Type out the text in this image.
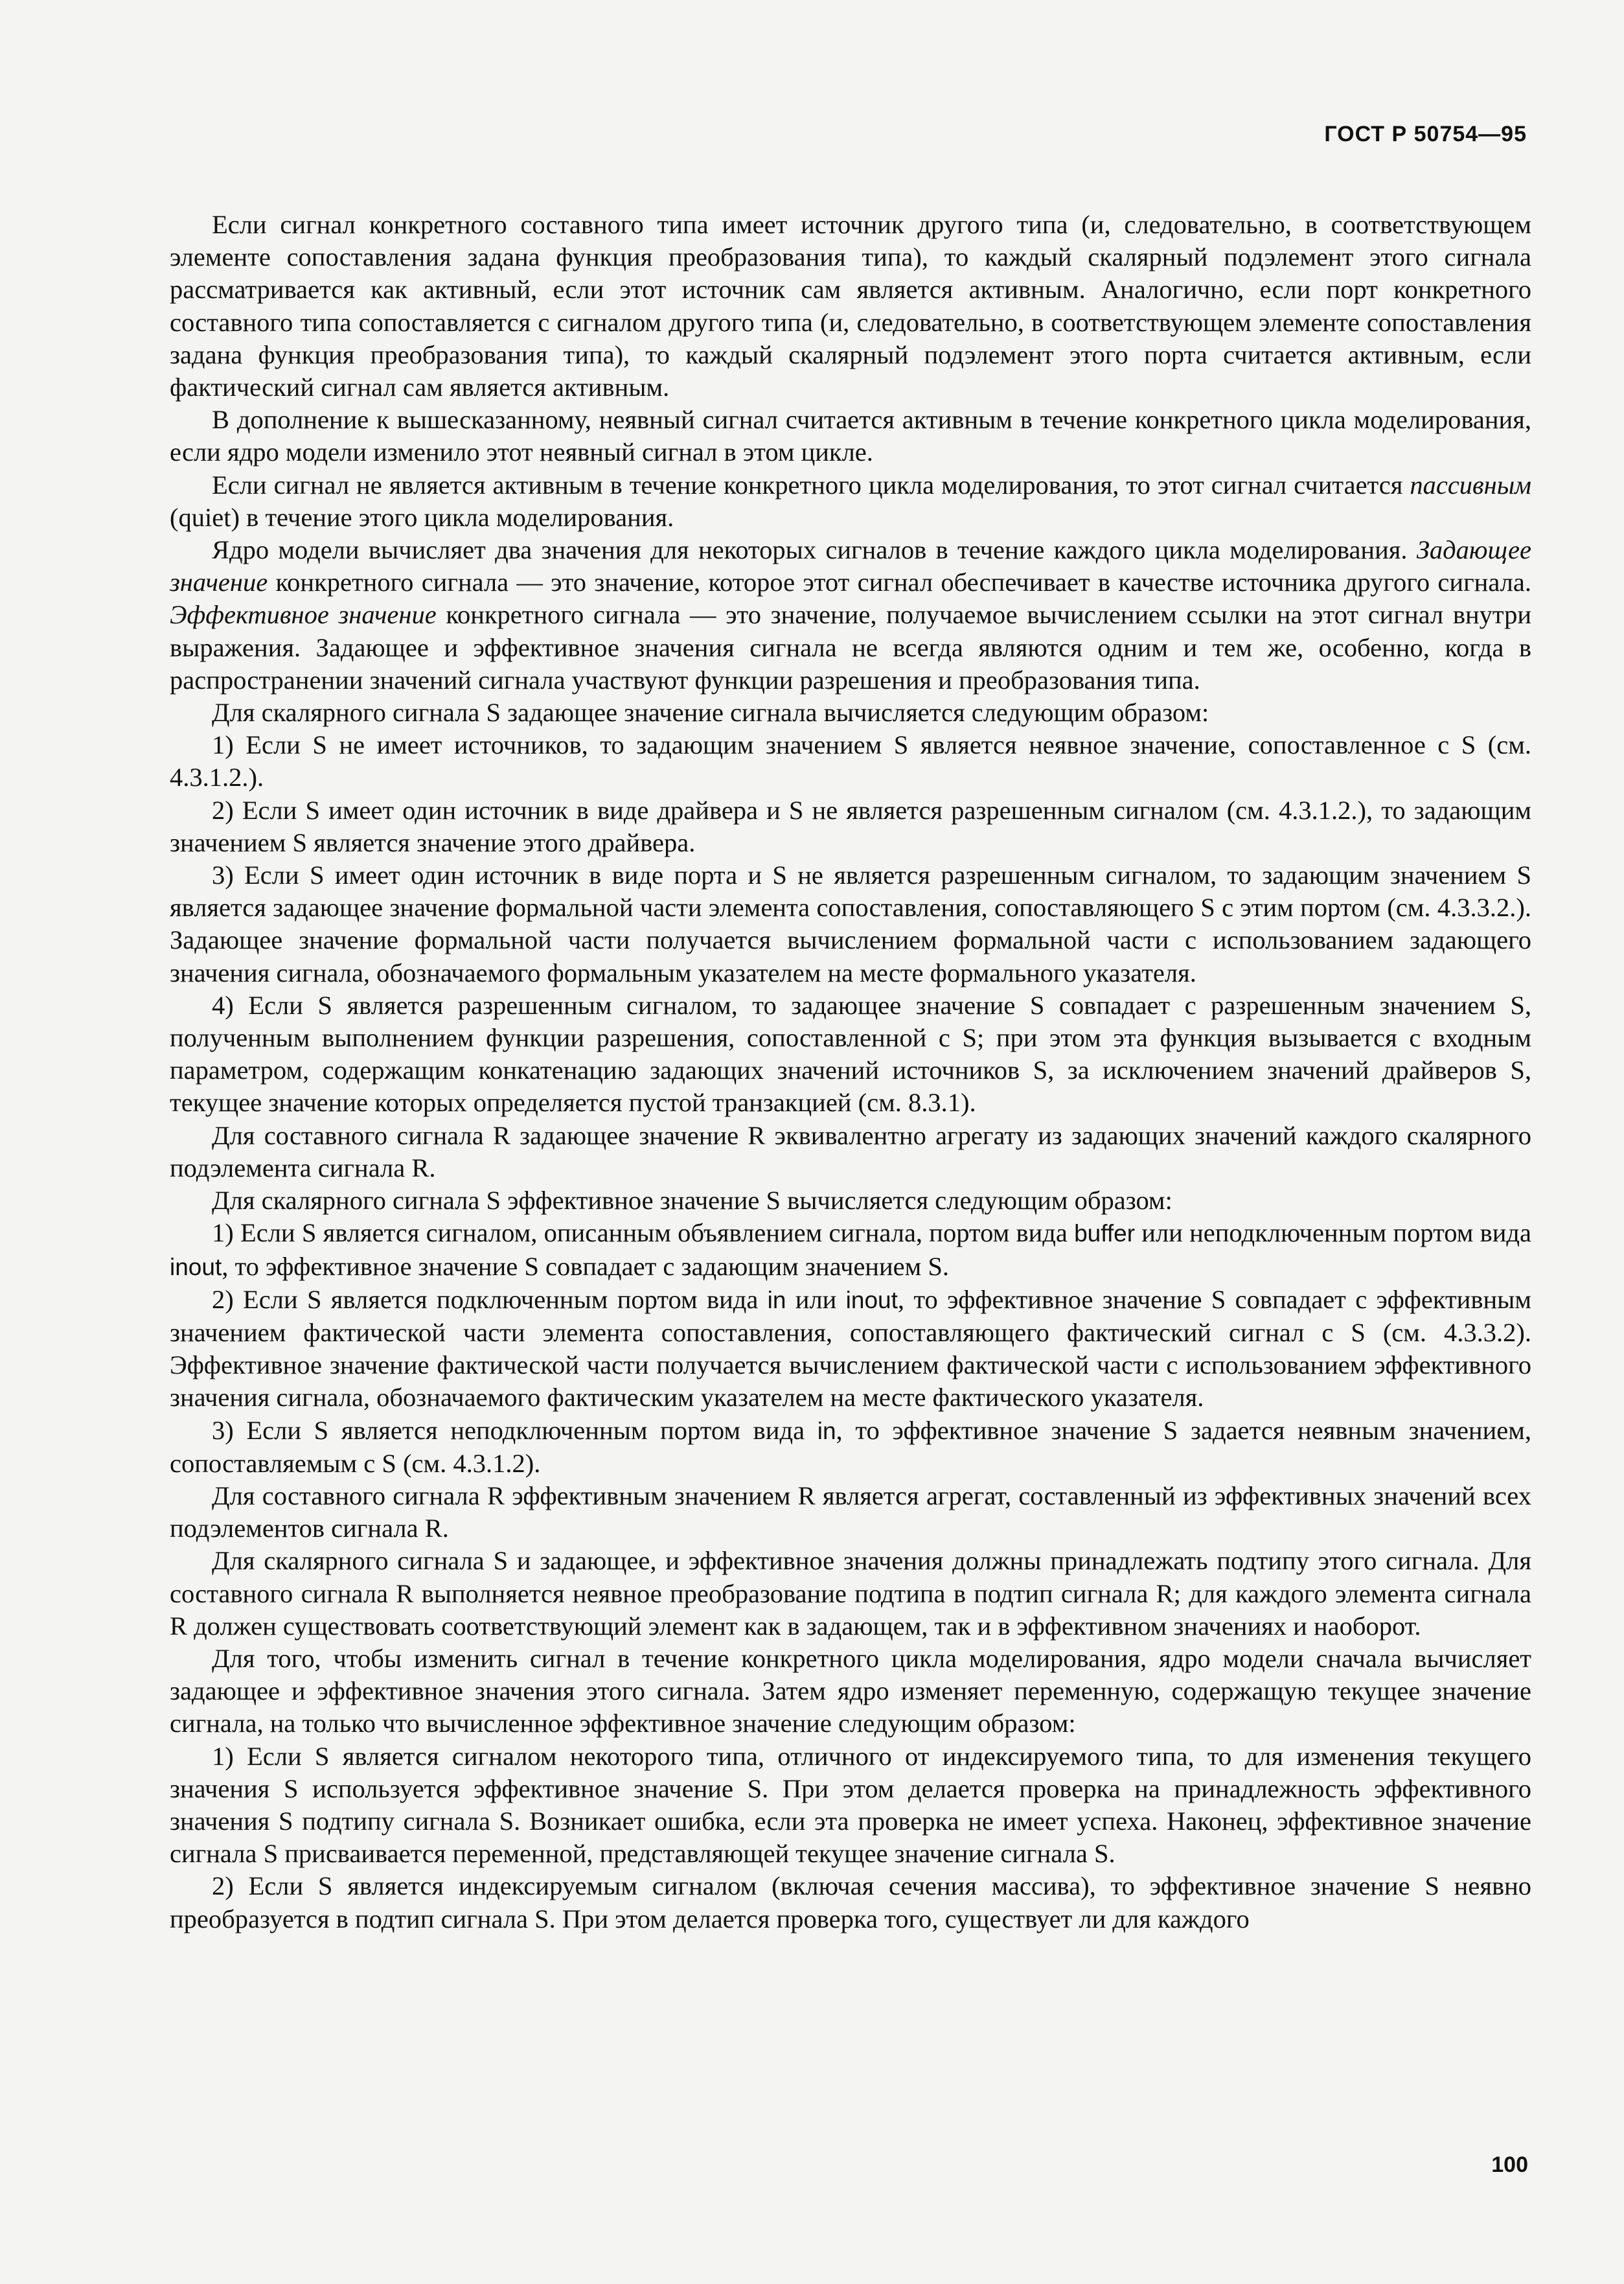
ГОСТ Р 50754—95

Если сигнал конкретного составного типа имеет источник другого типа (и, следовательно, в соответствующем элементе сопоставления задана функция преобразования типа), то каждый скалярный подэлемент этого сигнала рассматривается как активный, если этот источник сам является активным. Аналогично, если порт конкретного составного типа сопоставляется с сигналом другого типа (и, следовательно, в соответствующем элементе сопоставления задана функция преобразования типа), то каждый скалярный подэлемент этого порта считается активным, если фактический сигнал сам является активным.

В дополнение к вышесказанному, неявный сигнал считается активным в течение конкретного цикла моделирования, если ядро модели изменило этот неявный сигнал в этом цикле.

Если сигнал не является активным в течение конкретного цикла моделирования, то этот сигнал считается пассивным (quiet) в течение этого цикла моделирования.

Ядро модели вычисляет два значения для некоторых сигналов в течение каждого цикла моделирования. Задающее значение конкретного сигнала — это значение, которое этот сигнал обеспечивает в качестве источника другого сигнала. Эффективное значение конкретного сигнала — это значение, получаемое вычислением ссылки на этот сигнал внутри выражения. Задающее и эффективное значения сигнала не всегда являются одним и тем же, особенно, когда в распространении значений сигнала участвуют функции разрешения и преобразования типа.

Для скалярного сигнала S задающее значение сигнала вычисляется следующим образом:

1) Если S не имеет источников, то задающим значением S является неявное значение, сопоставленное с S (см. 4.3.1.2.).

2) Если S имеет один источник в виде драйвера и S не является разрешенным сигналом (см. 4.3.1.2.), то задающим значением S является значение этого драйвера.

3) Если S имеет один источник в виде порта и S не является разрешенным сигналом, то задающим значением S является задающее значение формальной части элемента сопоставления, сопоставляющего S с этим портом (см. 4.3.3.2.). Задающее значение формальной части получается вычислением формальной части с использованием задающего значения сигнала, обозначаемого формальным указателем на месте формального указателя.

4) Если S является разрешенным сигналом, то задающее значение S совпадает с разрешенным значением S, полученным выполнением функции разрешения, сопоставленной с S; при этом эта функция вызывается с входным параметром, содержащим конкатенацию задающих значений источников S, за исключением значений драйверов S, текущее значение которых определяется пустой транзакцией (см. 8.3.1).

Для составного сигнала R задающее значение R эквивалентно агрегату из задающих значений каждого скалярного подэлемента сигнала R.

Для скалярного сигнала S эффективное значение S вычисляется следующим образом:

1) Если S является сигналом, описанным объявлением сигнала, портом вида buffer или неподключенным портом вида inout, то эффективное значение S совпадает с задающим значением S.

2) Если S является подключенным портом вида in или inout, то эффективное значение S совпадает с эффективным значением фактической части элемента сопоставления, сопоставляющего фактический сигнал с S (см. 4.3.3.2). Эффективное значение фактической части получается вычислением фактической части с использованием эффективного значения сигнала, обозначаемого фактическим указателем на месте фактического указателя.

3) Если S является неподключенным портом вида in, то эффективное значение S задается неявным значением, сопоставляемым с S (см. 4.3.1.2).

Для составного сигнала R эффективным значением R является агрегат, составленный из эффективных значений всех подэлементов сигнала R.

Для скалярного сигнала S и задающее, и эффективное значения должны принадлежать подтипу этого сигнала. Для составного сигнала R выполняется неявное преобразование подтипа в подтип сигнала R; для каждого элемента сигнала R должен существовать соответствующий элемент как в задающем, так и в эффективном значениях и наоборот.

Для того, чтобы изменить сигнал в течение конкретного цикла моделирования, ядро модели сначала вычисляет задающее и эффективное значения этого сигнала. Затем ядро изменяет переменную, содержащую текущее значение сигнала, на только что вычисленное эффективное значение следующим образом:

1) Если S является сигналом некоторого типа, отличного от индексируемого типа, то для изменения текущего значения S используется эффективное значение S. При этом делается проверка на принадлежность эффективного значения S подтипу сигнала S. Возникает ошибка, если эта проверка не имеет успеха. Наконец, эффективное значение сигнала S присваивается переменной, представляющей текущее значение сигнала S.

2) Если S является индексируемым сигналом (включая сечения массива), то эффективное значение S неявно преобразуется в подтип сигнала S. При этом делается проверка того, существует ли для каждого

100
